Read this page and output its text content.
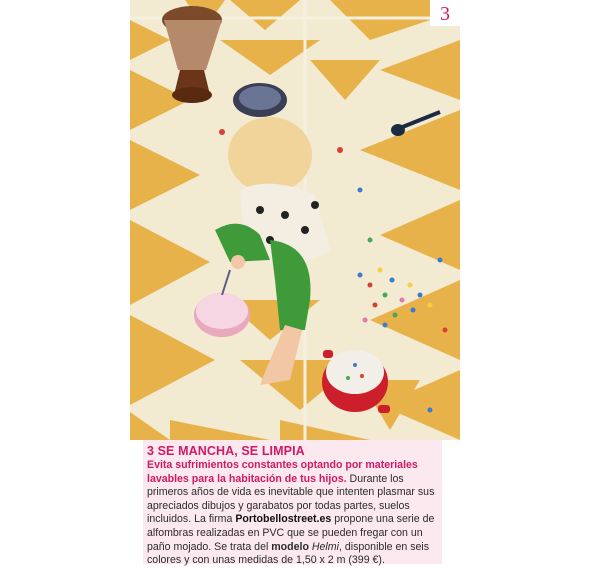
3
3 SE MANCHA, SE LIMPIA
Evita sufrimientos constantes optando por materiales lavables para la habitación de tus hijos. Durante los primeros años de vida es inevitable que intenten plasmar sus apreciados dibujos y garabatos por todas partes, suelos incluidos. La firma Portobellostreet.es propone una serie de alfombras realizadas en PVC que se pueden fregar con un paño mojado. Se trata del modelo Helmi, disponible en seis colores y con unas medidas de 1,50 x 2 m (399 €).
